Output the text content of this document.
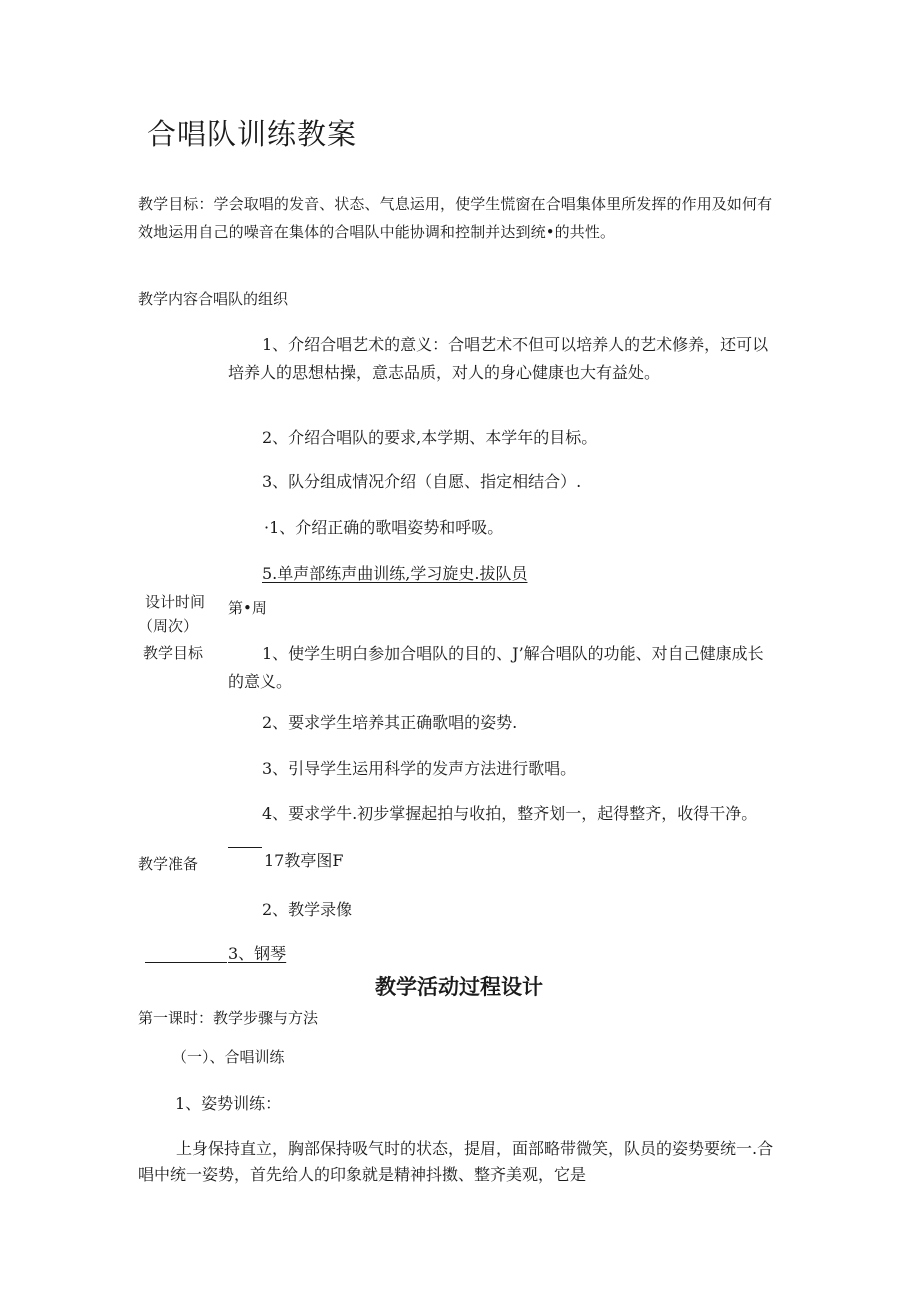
合唱队训练教案
教学目标：学会取唱的发音、状态、气息运用，使学生慌窗在合唱集体里所发挥的作用及如何有效地运用自己的噪音在集体的合唱队中能协调和控制并达到统•的共性。
教学内容合唱队的组织
1、介绍合唱艺术的意义：合唱艺术不但可以培养人的艺术修养，还可以培养人的思想枯操，意志品质，对人的身心健康也大有益处。
2、介绍合唱队的要求,本学期、本学年的目标。
3、队分组成情况介绍（自愿、指定相结合）.
·1、介绍正确的歌唱姿势和呼吸。
5.单声部练声曲训练,学习旋史.拔队员
设计时间 第•周
（周次）
教学目标	1、使学生明白参加合唱队的目的、J’解合唱队的功能、对自己健康成长的意义。
2、要求学生培养其正确歌唱的姿势.
3、引导学生运用科学的发声方法进行歌唱。
4、要求学牛.初步掌握起拍与收拍，整齐划一，起得整齐，收得干净。
教学准备	17教亭图F
2、教学录像
3、钢琴
教学活动过程设计
第一课时：教学步骤与方法
（一）、合唱训练
1、姿势训练：
上身保持直立，胸部保持吸气时的状态，提眉，面部略带微笑，队员的姿势要统一.合唱中统一姿势，首先给人的印象就是精神抖擞、整齐美观，它是
